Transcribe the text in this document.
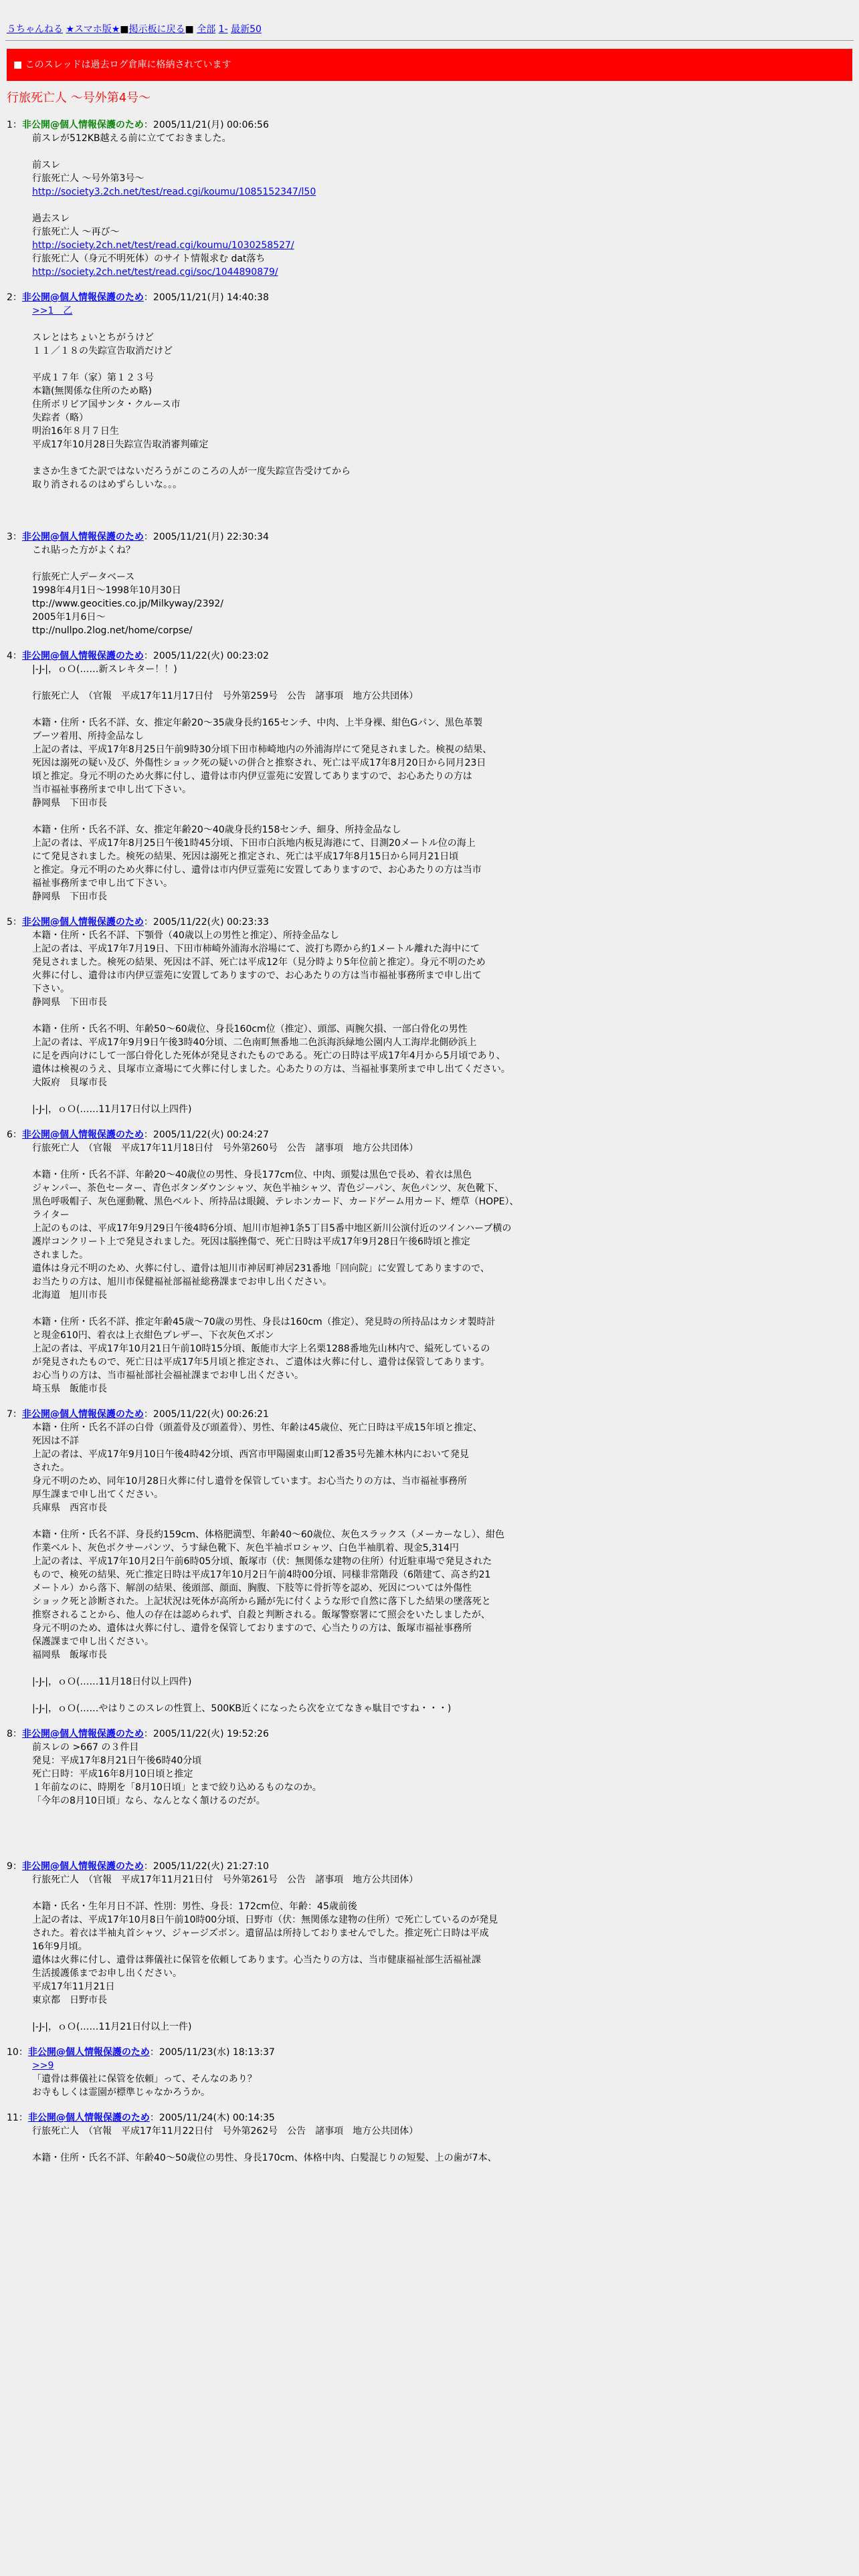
５ちゃんねる ★スマホ版★■掲示板に戻る■ 全部 1- 最新50
■ このスレッドは過去ログ倉庫に格納されています
行旅死亡人 〜号外第4号〜
1：非公開@個人情報保護のため：2005/11/21(月) 00:06:56
前スレが512KB越える前に立てておきました。
前スレ
行旅死亡人 〜号外第3号〜
http://society3.2ch.net/test/read.cgi/koumu/1085152347/l50
過去スレ
行旅死亡人 〜再び〜
http://society.2ch.net/test/read.cgi/koumu/1030258527/
行旅死亡人（身元不明死体）のサイト情報求む dat落ち
http://society.2ch.net/test/read.cgi/soc/1044890879/
2：非公開@個人情報保護のため：2005/11/21(月) 14:40:38
>>1　乙
スレとはちょいとちがうけど
１１／１８の失踪宣告取消だけど
平成１７年（家）第１２３号
本籍(無関係な住所のため略)
住所ボリビア国サンタ・クルース市
失踪者（略）
明治16年８月７日生
平成17年10月28日失踪宣告取消審判確定
まさか生きてた訳ではないだろうがこのころの人が一度失踪宣告受けてから
取り消されるのはめずらしいな。。。
3：非公開@個人情報保護のため：2005/11/21(月) 22:30:34
これ貼った方がよくね？
行旅死亡人データベース
1998年4月1日〜1998年10月30日
ttp://www.geocities.co.jp/Milkyway/2392/
2005年1月6日〜
ttp://nullpo.2log.net/home/corpse/
4：非公開@個人情報保護のため：2005/11/22(火) 00:23:02
|-J-|，ｏＯ(……新スレキター！！)
行旅死亡人　（官報　平成17年11月17日付　号外第259号　公告　諸事項　地方公共団体）
本籍・住所・氏名不詳、女、推定年齢20〜35歳身長約165センチ、中肉、上半身裸、紺色Gパン、黒色革製
ブーツ着用、所持金品なし
上記の者は、平成17年8月25日午前9時30分頃下田市柿崎地内の外浦海岸にて発見されました。検視の結果、
死因は溺死の疑い及び、外傷性ショック死の疑いの併合と推察され、死亡は平成17年8月20日から同月23日
頃と推定。身元不明のため火葬に付し、遺骨は市内伊豆霊苑に安置してありますので、お心あたりの方は
当市福祉事務所まで申し出て下さい。
静岡県　下田市長
本籍・住所・氏名不詳、女、推定年齢20〜40歳身長約158センチ、細身、所持金品なし
上記の者は、平成17年8月25日午後1時45分頃、下田市白浜地内板見海港にて、目測20メートル位の海上
にて発見されました。検死の結果、死因は溺死と推定され、死亡は平成17年8月15日から同月21日頃
と推定。身元不明のため火葬に付し、遺骨は市内伊豆霊苑に安置してありますので、お心あたりの方は当市
福祉事務所まで申し出て下さい。
静岡県　下田市長
5：非公開@個人情報保護のため：2005/11/22(火) 00:23:33
本籍・住所・氏名不詳、下顎骨（40歳以上の男性と推定）、所持金品なし
上記の者は、平成17年7月19日、下田市柿崎外浦海水浴場にて、波打ち際から約1メートル離れた海中にて
発見されました。検死の結果、死因は不詳、死亡は平成12年（見分時より5年位前と推定）。身元不明のため
火葬に付し、遺骨は市内伊豆霊苑に安置してありますので、お心あたりの方は当市福祉事務所まで申し出て
下さい。
静岡県　下田市長
本籍・住所・氏名不明、年齢50〜60歳位、身長160cm位（推定）、頭部、両腕欠損、一部白骨化の男性
上記の者は、平成17年9月9日午後3時40分頃、二色南町無番地二色浜海浜緑地公園内人工海岸北側砂浜上
に足を西向けにして一部白骨化した死体が発見されたものである。死亡の日時は平成17年4月から5月頃であり、
遺体は検視のうえ、貝塚市立斎場にて火葬に付しました。心あたりの方は、当福祉事業所まで申し出てください。
大阪府　貝塚市長
|-J-|，ｏＯ(……11月17日付以上四件)
6：非公開@個人情報保護のため：2005/11/22(火) 00:24:27
行旅死亡人　（官報　平成17年11月18日付　号外第260号　公告　諸事項　地方公共団体）
本籍・住所・氏名不詳、年齢20〜40歳位の男性、身長177cm位、中肉、頭髪は黒色で長め、着衣は黒色
ジャンパー、茶色セーター、青色ボタンダウンシャツ、灰色半袖シャツ、青色ジーパン、灰色パンツ、灰色靴下、
黒色呼吸帽子、灰色運動靴、黒色ベルト、所持品は眼鏡、テレホンカード、カードゲーム用カード、煙草（HOPE）、
ライター
上記のものは、平成17年9月29日午後4時6分頃、旭川市旭神1条5丁目5番中地区新川公演付近のツインハーブ横の
護岸コンクリート上で発見されました。死因は脳挫傷で、死亡日時は平成17年9月28日午後6時頃と推定
されました。
遺体は身元不明のため、火葬に付し、遺骨は旭川市神居町神居231番地「回向院」に安置してありますので、
お当たりの方は、旭川市保健福祉部福祉総務課までお申し出ください。
北海道　旭川市長
本籍・住所・氏名不詳、推定年齢45歳〜70歳の男性、身長は160cm（推定）、発見時の所持品はカシオ製時計
と現金610円、着衣は上衣紺色ブレザー、下衣灰色ズボン
上記の者は、平成17年10月21日午前10時15分頃、飯能市大字上名栗1288番地先山林内で、縊死しているの
が発見されたもので、死亡日は平成17年5月頃と推定され、ご遺体は火葬に付し、遺骨は保管してあります。
お心当りの方は、当市福祉部社会福祉課までお申し出ください。
埼玉県　飯能市長
7：非公開@個人情報保護のため：2005/11/22(火) 00:26:21
本籍・住所・氏名不詳の白骨（頭蓋骨及び頭蓋骨）、男性、年齢は45歳位、死亡日時は平成15年頃と推定、
死因は不詳
上記の者は、平成17年9月10日午後4時42分頃、西宮市甲陽園東山町12番35号先雑木林内において発見
された。
身元不明のため、同年10月28日火葬に付し遺骨を保管しています。お心当たりの方は、当市福祉事務所
厚生課まで申し出てください。
兵庫県　西宮市長
本籍・住所・氏名不詳、身長約159cm、体格肥満型、年齢40〜60歳位、灰色スラックス（メーカーなし）、紺色
作業ベルト、灰色ボクサーパンツ、うす緑色靴下、灰色半袖ポロシャツ、白色半袖肌着、現金5,314円
上記の者は、平成17年10月2日午前6時05分頃、飯塚市（伏：無関係な建物の住所）付近駐車場で発見された
もので、検死の結果、死亡推定日時は平成17年10月2日午前4時00分頃、同様非常階段（6階建て、高さ約21
メートル）から落下、解剖の結果、後頭部、顔面、胸腹、下肢等に骨折等を認め、死因については外傷性
ショック死と診断された。上記状況は死体が高所から踊が先に付くような形で自然に落下した結果の墜落死と
推察されることから、他人の存在は認められず、自殺と判断される。飯塚警察署にて照会をいたしましたが、
身元不明のため、遺体は火葬に付し、遺骨を保管しておりますので、心当たりの方は、飯塚市福祉事務所
保護課まで申し出ください。
福岡県　飯塚市長
|-J-|，ｏＯ(……11月18日付以上四件)
|-J-|，ｏＯ(……やはりこのスレの性質上、500KB近くになったら次を立てなきゃ駄目ですね・・・)
8：非公開@個人情報保護のため：2005/11/22(火) 19:52:26
前スレの >667 の３件目
発見：平成17年8月21日午後6時40分頃
死亡日時：平成16年8月10日頃と推定
１年前なのに、時期を「8月10日頃」とまで絞り込めるものなのか。
「今年の8月10日頃」なら、なんとなく頷けるのだが。
9：非公開@個人情報保護のため：2005/11/22(火) 21:27:10
行旅死亡人　（官報　平成17年11月21日付　号外第261号　公告　諸事項　地方公共団体）
本籍・氏名・生年月日不詳、性別：男性、身長：172cm位、年齢：45歳前後
上記の者は、平成17年10月8日午前10時00分頃、日野市（伏：無関係な建物の住所）で死亡しているのが発見
された。着衣は半袖丸首シャツ、ジャージズボン。遺留品は所持しておりませんでした。推定死亡日時は平成
16年9月頃。
遺体は火葬に付し、遺骨は葬儀社に保管を依頼してあります。心当たりの方は、当市健康福祉部生活福祉課
生活援護係までお申し出ください。
平成17年11月21日
東京都　日野市長
|-J-|，ｏＯ(……11月21日付以上一件)
10：非公開@個人情報保護のため：2005/11/23(水) 18:13:37
>>9
「遺骨は葬儀社に保管を依頼」って、そんなのあり？
お寺もしくは霊園が標準じゃなかろうか。
11：非公開@個人情報保護のため：2005/11/24(木) 00:14:35
行旅死亡人　（官報　平成17年11月22日付　号外第262号　公告　諸事項　地方公共団体）
本籍・住所・氏名不詳、年齢40〜50歳位の男性、身長170cm、体格中肉、白髪混じりの短髪、上の歯が7本、
